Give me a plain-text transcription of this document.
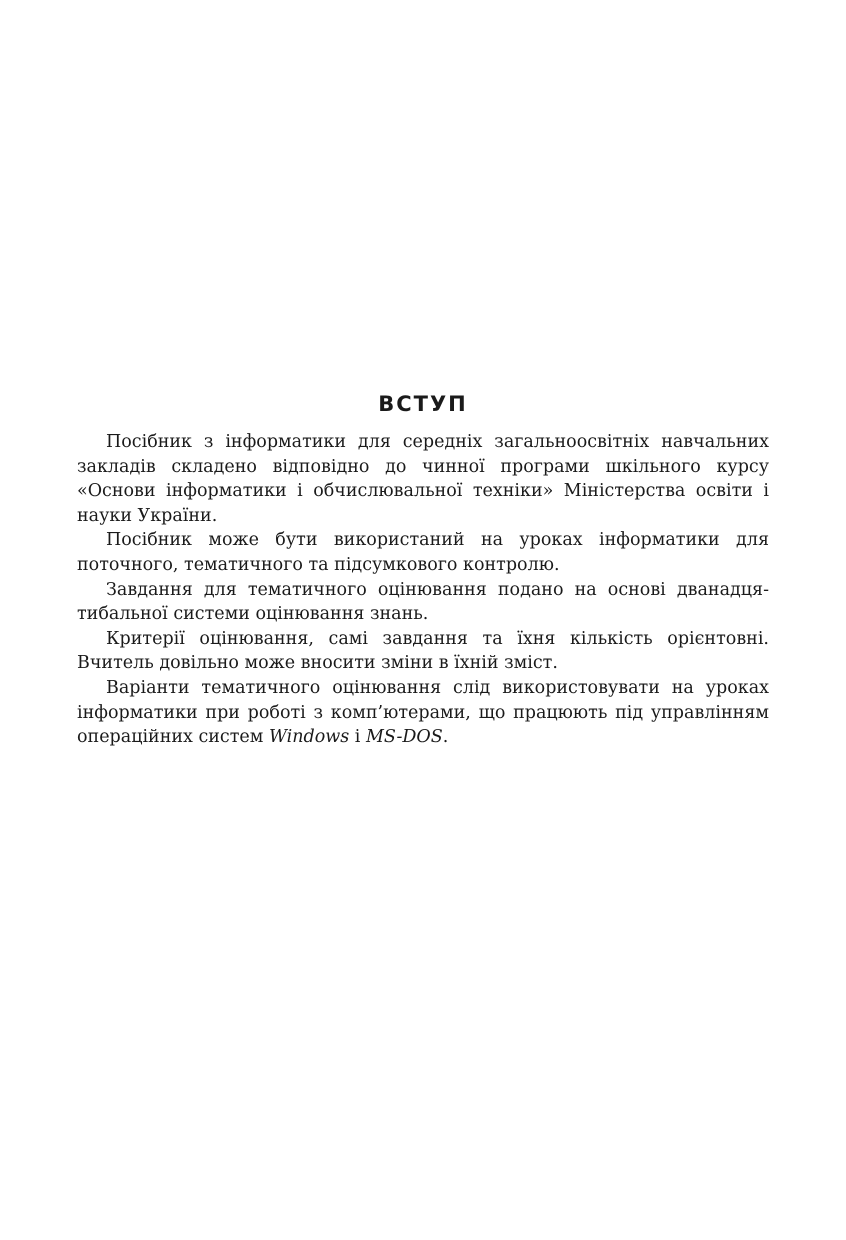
ВСТУП

Посібник з інформатики для середніх загальноосвітніх навчальних закладів складено відповідно до чинної програми шкільного курсу «Основи інформатики і обчислювальної техніки» Міністерства освіти і науки України.

Посібник може бути використаний на уроках інформатики для поточного, тематичного та підсумкового контролю.

Завдання для тематичного оцінювання подано на основі дванадця-тибальної системи оцінювання знань.

Критерії оцінювання, самі завдання та їхня кількість орієнтовні. Вчитель довільно може вносити зміни в їхній зміст.

Варіанти тематичного оцінювання слід використовувати на уроках інформатики при роботі з комп’ютерами, що працюють під управлінням операційних систем Windows і MS-DOS.
